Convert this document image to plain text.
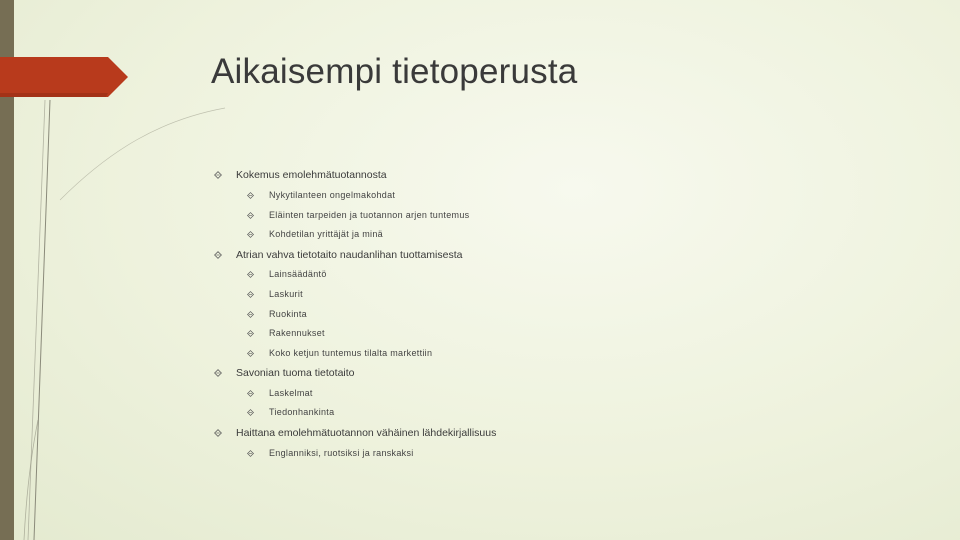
Aikaisempi tietoperusta
Kokemus emolehmätuotannosta
Nykytilanteen ongelmakohdat
Eläinten tarpeiden ja tuotannon arjen tuntemus
Kohdetilan yrittäjät ja minä
Atrian vahva tietotaito naudanlihan tuottamisesta
Lainsäädäntö
Laskurit
Ruokinta
Rakennukset
Koko ketjun tuntemus tilalta markettiin
Savonian tuoma tietotaito
Laskelmat
Tiedonhankinta
Haittana emolehmätuotannon vähäinen lähdekirjallisuus
Englanniksi, ruotsiksi ja ranskaksi
